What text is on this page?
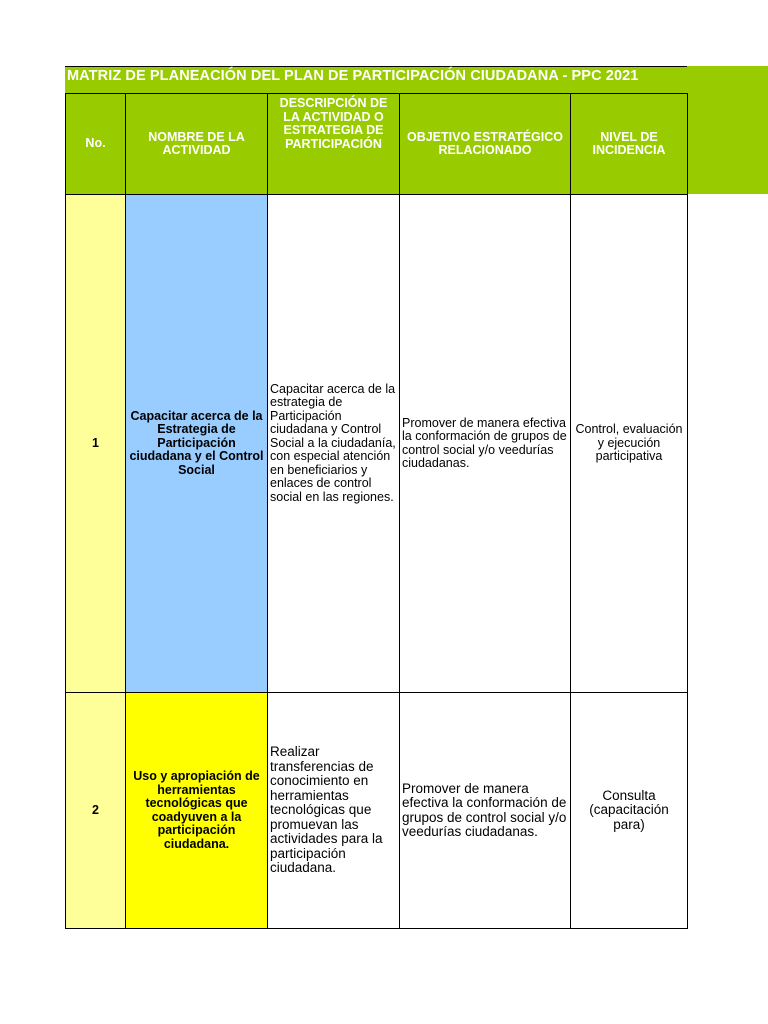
MATRIZ DE PLANEACIÓN DEL PLAN DE PARTICIPACIÓN CIUDADANA - PPC 2021
No.	NOMBRE DE LA ACTIVIDAD	DESCRIPCIÓN DE LA ACTIVIDAD O ESTRATEGIA DE PARTICIPACIÓN	OBJETIVO ESTRATÉGICO RELACIONADO	NIVEL DE INCIDENCIA
1	Capacitar acerca de la Estrategia de Participación ciudadana y el Control Social	Capacitar acerca de la estrategia de Participación ciudadana y Control Social a la ciudadanía, con especial atención en beneficiarios y enlaces de control social en las regiones.	Promover de manera efectiva la conformación de grupos de control social y/o veedurías ciudadanas.	Control, evaluación y ejecución participativa
2	Uso y apropiación de herramientas tecnológicas que coadyuven a la participación ciudadana.	Realizar transferencias de conocimiento en herramientas tecnológicas que promuevan las actividades para la participación ciudadana.	Promover de manera efectiva la conformación de grupos de control social y/o veedurías ciudadanas.	Consulta (capacitación para)
